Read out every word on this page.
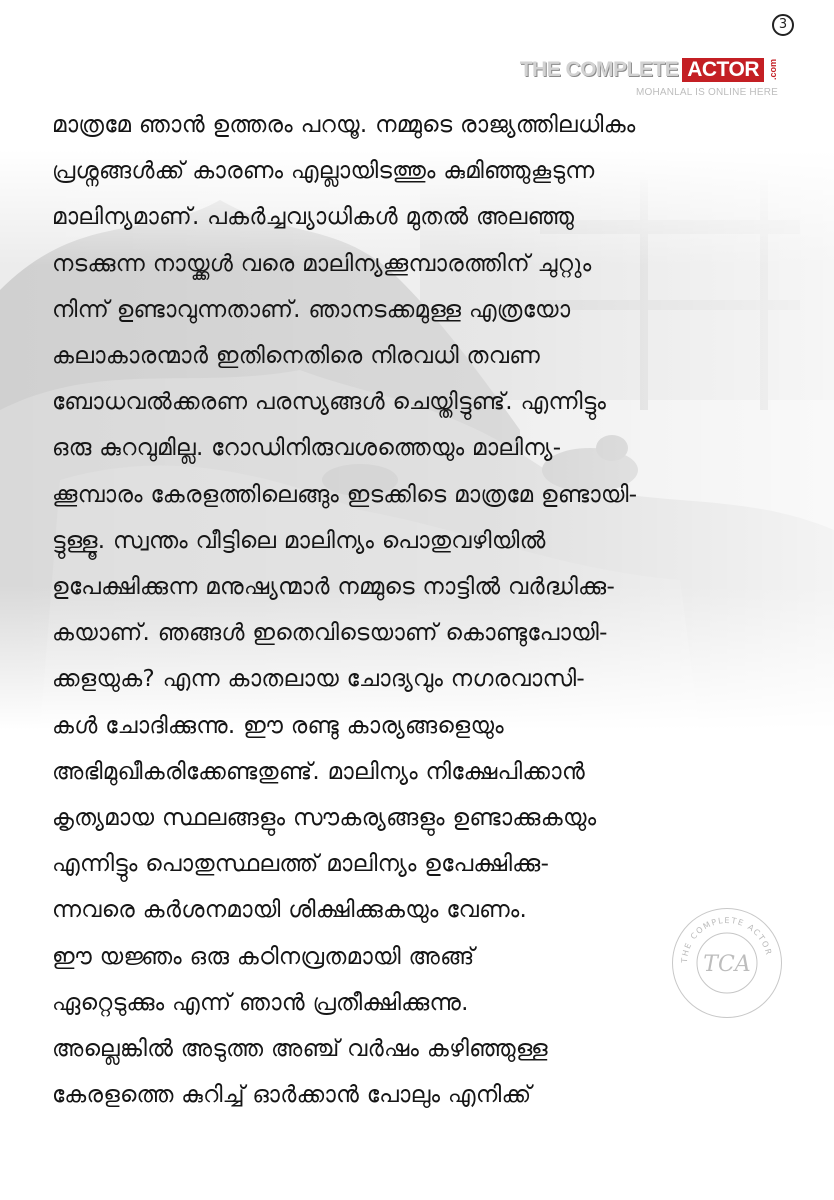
3
THE COMPLETE ACTOR	.com
MOHANLAL IS ONLINE HERE

മാത്രമേ ഞാൻ ഉത്തരം പറയൂ. നമ്മുടെ രാജ്യത്തിലധികം

പ്രശ്നങ്ങൾക്ക് കാരണം എല്ലായിടത്തും കുമിഞ്ഞുകൂടുന്ന

മാലിന്യമാണ്. പകർച്ചവ്യാധികൾ മുതൽ അലഞ്ഞു

നടക്കുന്ന നായ്ക്കൾ വരെ മാലിന്യക്കൂമ്പാരത്തിന് ചുറ്റും

നിന്ന് ഉണ്ടാവുന്നതാണ്. ഞാനടക്കമുള്ള എത്രയോ

കലാകാരന്മാർ ഇതിനെതിരെ നിരവധി തവണ

ബോധവൽക്കരണ പരസ്യങ്ങൾ ചെയ്തിട്ടുണ്ട്. എന്നിട്ടും

ഒരു കുറവുമില്ല. റോഡിനിരുവശത്തെയും മാലിന്യ-

ക്കൂമ്പാരം കേരളത്തിലെങ്ങും ഇടക്കിടെ മാത്രമേ ഉണ്ടായി-

ട്ടുള്ളൂ. സ്വന്തം വീട്ടിലെ മാലിന്യം പൊതുവഴിയിൽ

ഉപേക്ഷിക്കുന്ന മനുഷ്യന്മാർ നമ്മുടെ നാട്ടിൽ വർദ്ധിക്കു-

കയാണ്. ഞങ്ങൾ ഇതെവിടെയാണ് കൊണ്ടുപോയി-

ക്കളയുക? എന്ന കാതലായ ചോദ്യവും നഗരവാസി-

കൾ ചോദിക്കുന്നു. ഈ രണ്ടു കാര്യങ്ങളെയും

അഭിമുഖീകരിക്കേണ്ടതുണ്ട്. മാലിന്യം നിക്ഷേപിക്കാൻ

കൃത്യമായ സ്ഥലങ്ങളും സൗകര്യങ്ങളും ഉണ്ടാക്കുകയും

എന്നിട്ടും പൊതുസ്ഥലത്ത് മാലിന്യം ഉപേക്ഷിക്കു-

ന്നവരെ കർശനമായി ശിക്ഷിക്കുകയും വേണം.

ഈ യജ്ഞം ഒരു കഠിനവ്രതമായി അങ്ങ്

ഏറ്റെടുക്കും എന്ന് ഞാൻ പ്രതീക്ഷിക്കുന്നു.

അല്ലെങ്കിൽ അടുത്ത അഞ്ച് വർഷം കഴിഞ്ഞുള്ള

കേരളത്തെ കുറിച്ച് ഓർക്കാൻ പോലും എനിക്ക്

THE COMPLETE ACTOR
TCA
